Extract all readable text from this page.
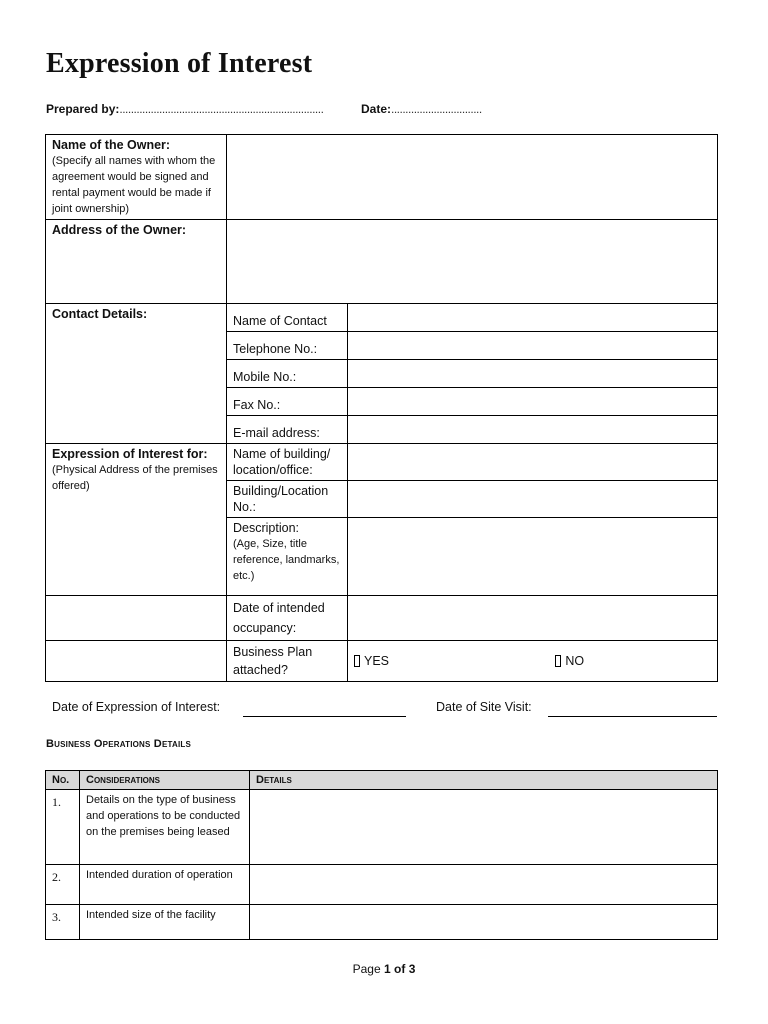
Expression of Interest
Prepared by:........................................................................	Date:................................
Name of the Owner:
(Specify all names with whom the agreement would be signed and rental payment would be made if joint ownership)		

Address of the Owner:		
Contact Details:	Name of Contact	
	Telephone No.:	
	Mobile No.:	
	Fax No.:	
	E-mail address:	
Expression of Interest for:
(Physical Address of the premises offered)	Name of building/ location/office:	
	Building/Location No.:	
	Description:
(Age, Size, title reference, landmarks, etc.)	

	Date of intended occupancy:	
	Business Plan attached?	YES NO
Date of Expression of Interest:	Date of Site Visit:
Business Operations Details
No.	Considerations	Details
1.	Details on the type of business and operations to be conducted on the premises being leased	
2.	Intended duration of operation	
3.	Intended size of the facility	
Page 1 of 3
